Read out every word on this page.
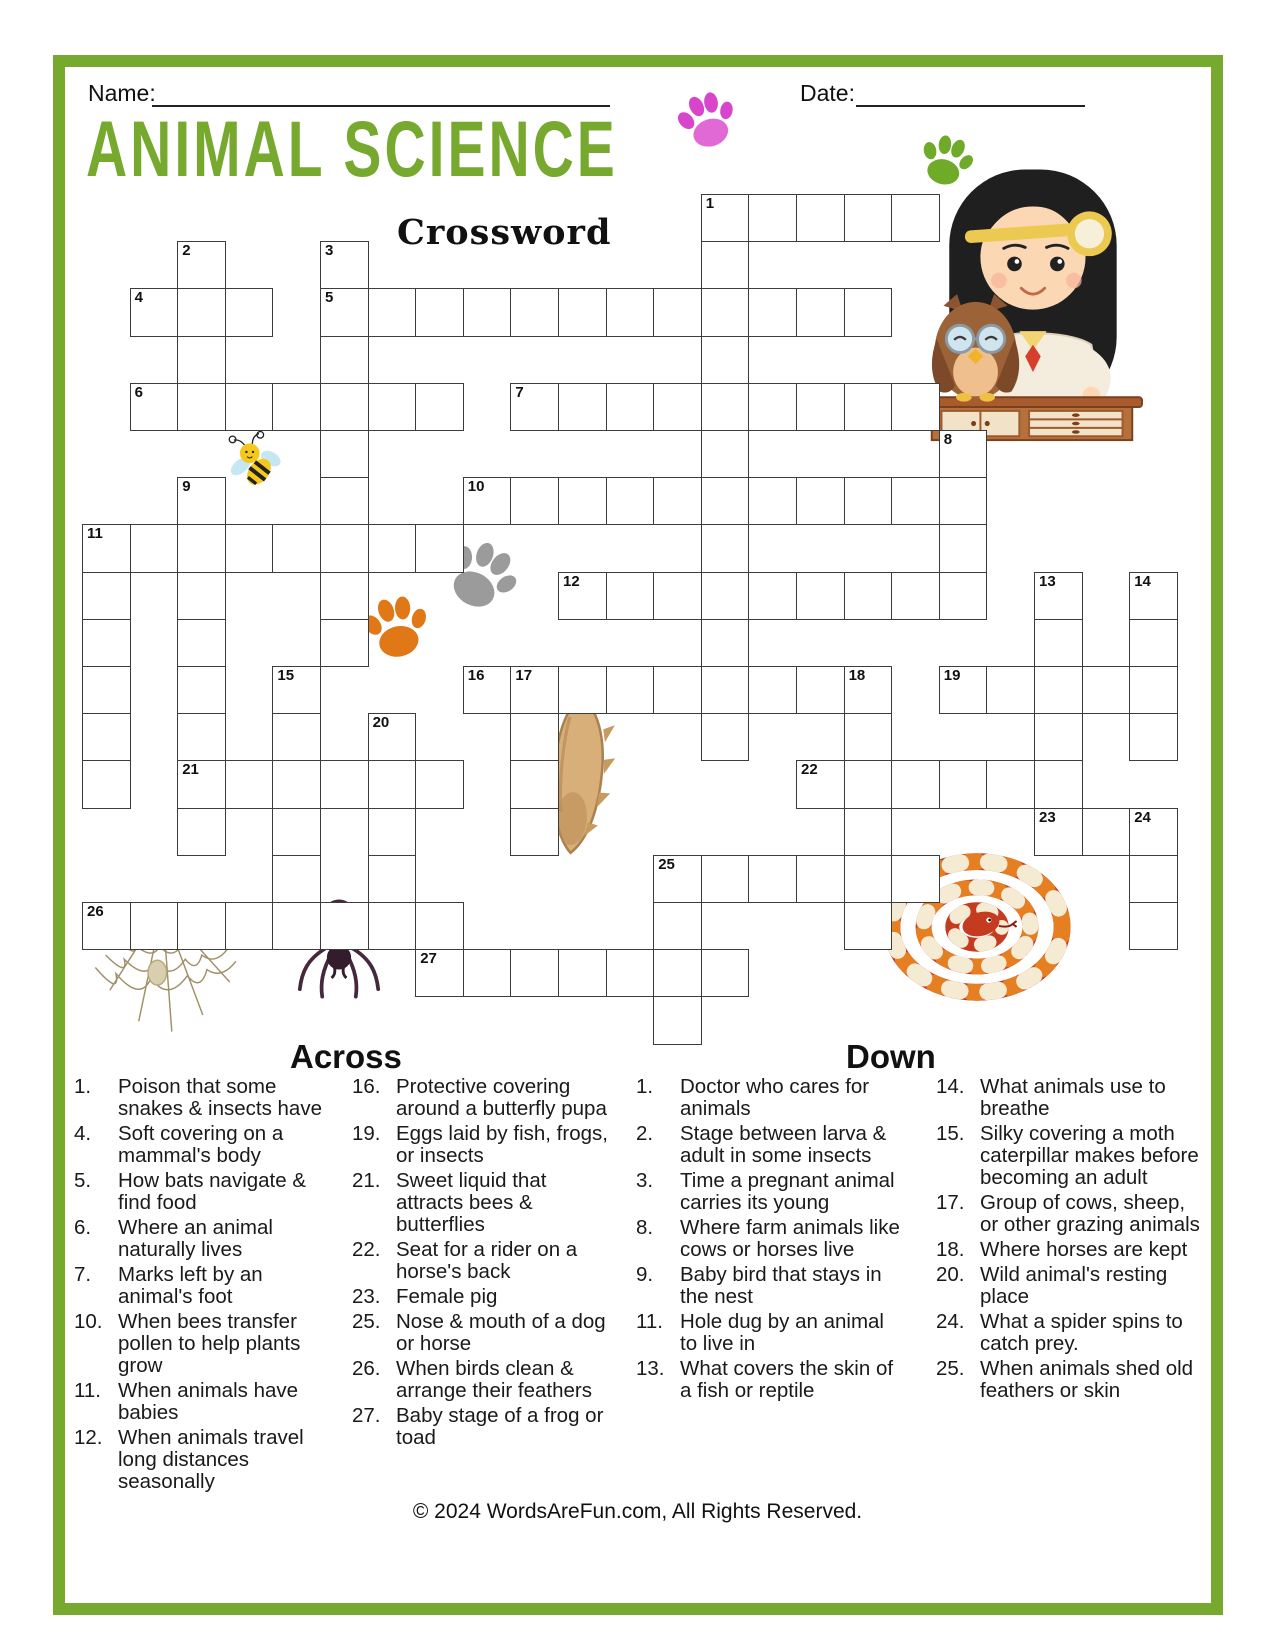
Name:	Date:
ANIMAL SCIENCE
Crossword
1
2	3
5
4
6	7
8
9
21
10
11
12	13
23
14
15	16 17	18	19
20
22
24
25
26
27
Across	Down
1.	Poison that some snakes & insects have
4.	Soft covering on a mammal's body
5.	How bats navigate & find food
6.	Where an animal naturally lives
7.	Marks left by an animal's foot
10. When bees transfer pollen to help plants grow
11. When animals have babies
12. When animals travel long distances seasonally
16. Protective covering around a butterfly pupa
19. Eggs laid by fish, frogs, or insects
21. Sweet liquid that attracts bees & butterflies
22. Seat for a rider on a horse's back
23. Female pig
25. Nose & mouth of a dog or horse
26. When birds clean & arrange their feathers
27. Baby stage of a frog or toad
1.	Doctor who cares for animals
2.	Stage between larva & adult in some insects
3.	Time a pregnant animal carries its young
8.	Where farm animals like cows or horses live
9.	Baby bird that stays in the nest
11. Hole dug by an animal to live in
13. What covers the skin of a fish or reptile
14. What animals use to breathe
15. Silky covering a moth caterpillar makes before becoming an adult
17. Group of cows, sheep, or other grazing animals
18. Where horses are kept
20. Wild animal's resting place
24. What a spider spins to catch prey.
25. When animals shed old feathers or skin
© 2024 WordsAreFun.com, All Rights Reserved.
